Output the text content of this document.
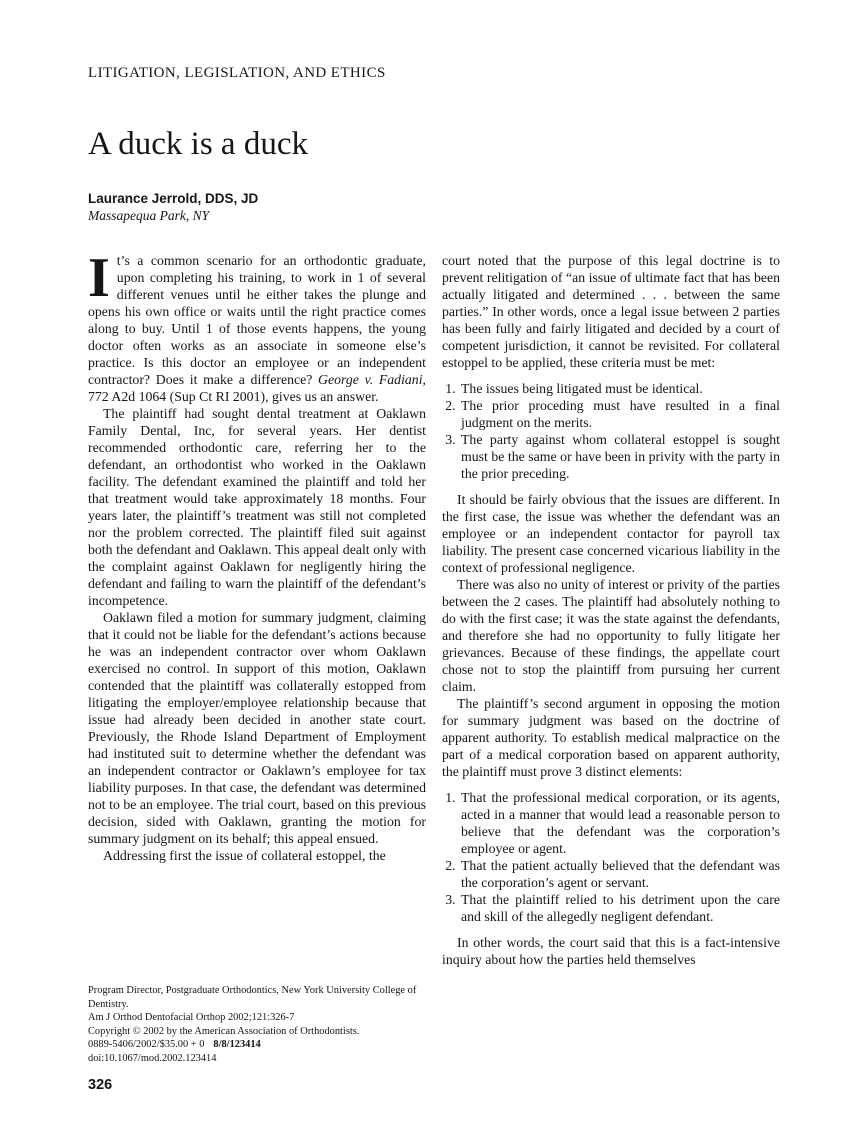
LITIGATION, LEGISLATION, AND ETHICS
A duck is a duck
Laurance Jerrold, DDS, JD
Massapequa Park, NY

It’s a common scenario for an orthodontic graduate, upon completing his training, to work in 1 of several different venues until he either takes the plunge and opens his own office or waits until the right practice comes along to buy. Until 1 of those events happens, the young doctor often works as an associate in someone else’s practice. Is this doctor an employee or an independent contractor? Does it make a difference? George v. Fadiani, 772 A2d 1064 (Sup Ct RI 2001), gives us an answer.

The plaintiff had sought dental treatment at Oaklawn Family Dental, Inc, for several years. Her dentist recommended orthodontic care, referring her to the defendant, an orthodontist who worked in the Oaklawn facility. The defendant examined the plaintiff and told her that treatment would take approximately 18 months. Four years later, the plaintiff’s treatment was still not completed nor the problem corrected. The plaintiff filed suit against both the defendant and Oaklawn. This appeal dealt only with the complaint against Oaklawn for negligently hiring the defendant and failing to warn the plaintiff of the defendant’s incompetence.

Oaklawn filed a motion for summary judgment, claiming that it could not be liable for the defendant’s actions because he was an independent contractor over whom Oaklawn exercised no control. In support of this motion, Oaklawn contended that the plaintiff was collaterally estopped from litigating the employer/employee relationship because that issue had already been decided in another state court. Previously, the Rhode Island Department of Employment had instituted suit to determine whether the defendant was an independent contractor or Oaklawn’s employee for tax liability purposes. In that case, the defendant was determined not to be an employee. The trial court, based on this previous decision, sided with Oaklawn, granting the motion for summary judgment on its behalf; this appeal ensued.

Addressing first the issue of collateral estoppel, the

court noted that the purpose of this legal doctrine is to prevent relitigation of “an issue of ultimate fact that has been actually litigated and determined . . . between the same parties.” In other words, once a legal issue between 2 parties has been fully and fairly litigated and decided by a court of competent jurisdiction, it cannot be revisited. For collateral estoppel to be applied, these criteria must be met:

1. The issues being litigated must be identical.
2. The prior proceding must have resulted in a final judgment on the merits.
3. The party against whom collateral estoppel is sought must be the same or have been in privity with the party in the prior preceding.

It should be fairly obvious that the issues are different. In the first case, the issue was whether the defendant was an employee or an independent contactor for payroll tax liability. The present case concerned vicarious liability in the context of professional negligence.

There was also no unity of interest or privity of the parties between the 2 cases. The plaintiff had absolutely nothing to do with the first case; it was the state against the defendants, and therefore she had no opportunity to fully litigate her grievances. Because of these findings, the appellate court chose not to stop the plaintiff from pursuing her current claim.

The plaintiff’s second argument in opposing the motion for summary judgment was based on the doctrine of apparent authority. To establish medical malpractice on the part of a medical corporation based on apparent authority, the plaintiff must prove 3 distinct elements:

1. That the professional medical corporation, or its agents, acted in a manner that would lead a reasonable person to believe that the defendant was the corporation’s employee or agent.
2. That the patient actually believed that the defendant was the corporation’s agent or servant.
3. That the plaintiff relied to his detriment upon the care and skill of the allegedly negligent defendant.

In other words, the court said that this is a fact-intensive inquiry about how the parties held themselves

Program Director, Postgraduate Orthodontics, New York University College of Dentistry.
Am J Orthod Dentofacial Orthop 2002;121:326-7
Copyright © 2002 by the American Association of Orthodontists.
0889-5406/2002/$35.00 + 0 8/8/123414
doi:10.1067/mod.2002.123414
326
